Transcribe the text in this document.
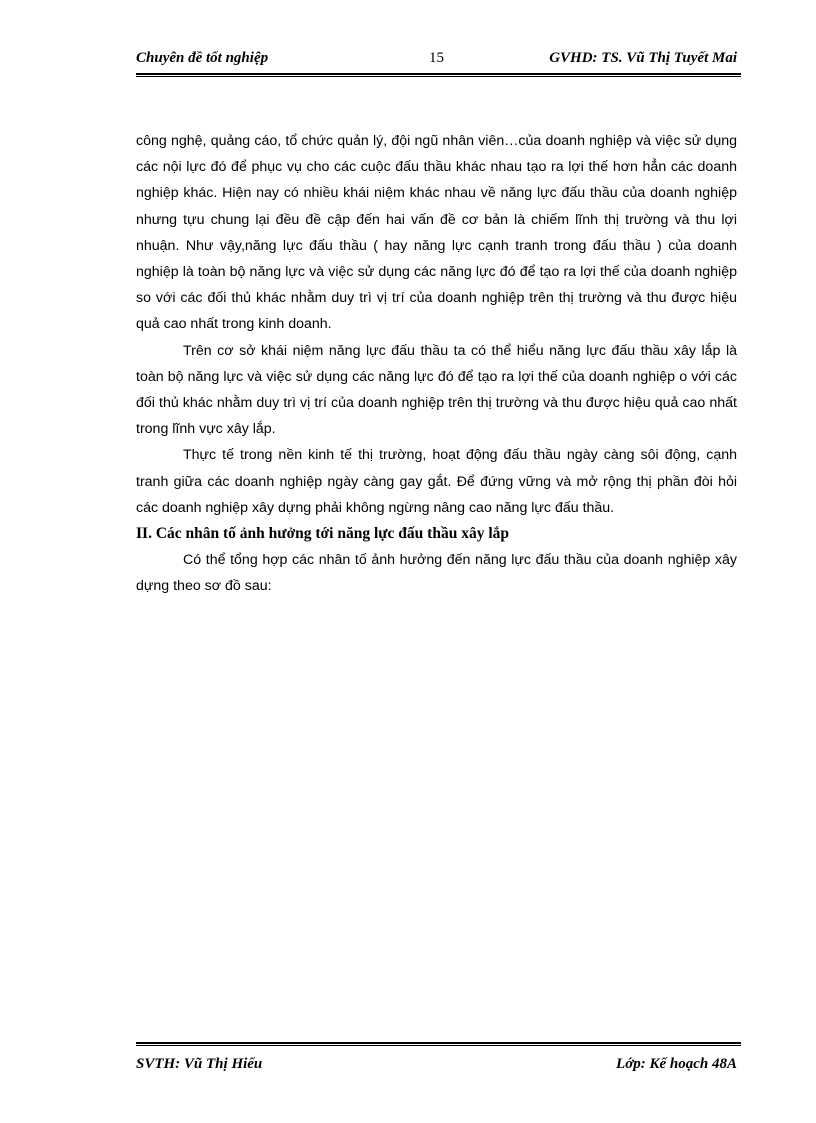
Chuyên đề tốt nghiệp	15	GVHD: TS. Vũ Thị Tuyết Mai

công nghệ, quảng cáo, tổ chức quản lý, đội ngũ nhân viên…của doanh nghiệp và việc sử dụng các nội lực đó để phục vụ cho các cuộc đấu thầu khác nhau tạo ra lợi thế hơn hẳn các doanh nghiệp khác. Hiện nay có nhiều khái niệm khác nhau về năng lực đấu thầu của doanh nghiệp nhưng tựu chung lại đều đề cập đến hai vấn đề cơ bản là chiếm lĩnh thị trường và thu lợi nhuận. Như vậy,năng lực đấu thầu ( hay năng lực cạnh tranh trong đấu thầu ) của doanh nghiệp là toàn bộ năng lực và việc sử dụng các năng lực đó để tạo ra lợi thế của doanh nghiệp so với các đối thủ khác nhằm duy trì vị trí của doanh nghiệp trên thị trường và thu được hiệu quả cao nhất trong kinh doanh.

Trên cơ sở khái niệm năng lực đấu thầu ta có thể hiểu năng lực đấu thầu xây lắp là toàn bộ năng lực và việc sử dụng các năng lực đó để tạo ra lợi thế của doanh nghiệp o với các đối thủ khác nhằm duy trì vị trí của doanh nghiệp trên thị trường và thu được hiệu quả cao nhất trong lĩnh vực xây lắp.

Thực tế trong nền kinh tế thị trường, hoạt động đấu thầu ngày càng sôi động, cạnh tranh giữa các doanh nghiệp ngày càng gay gắt. Để đứng vững và mở rộng thị phần đòi hỏi các doanh nghiệp xây dựng phải không ngừng nâng cao năng lực đấu thầu.

II. Các nhân tố ảnh hưởng tới năng lực đấu thầu xây lắp

Có thể tổng hợp các nhân tố ảnh hưởng đến năng lực đấu thầu của doanh nghiệp xây dựng theo sơ đồ sau:

SVTH: Vũ Thị Hiếu	Lớp: Kế hoạch 48A
